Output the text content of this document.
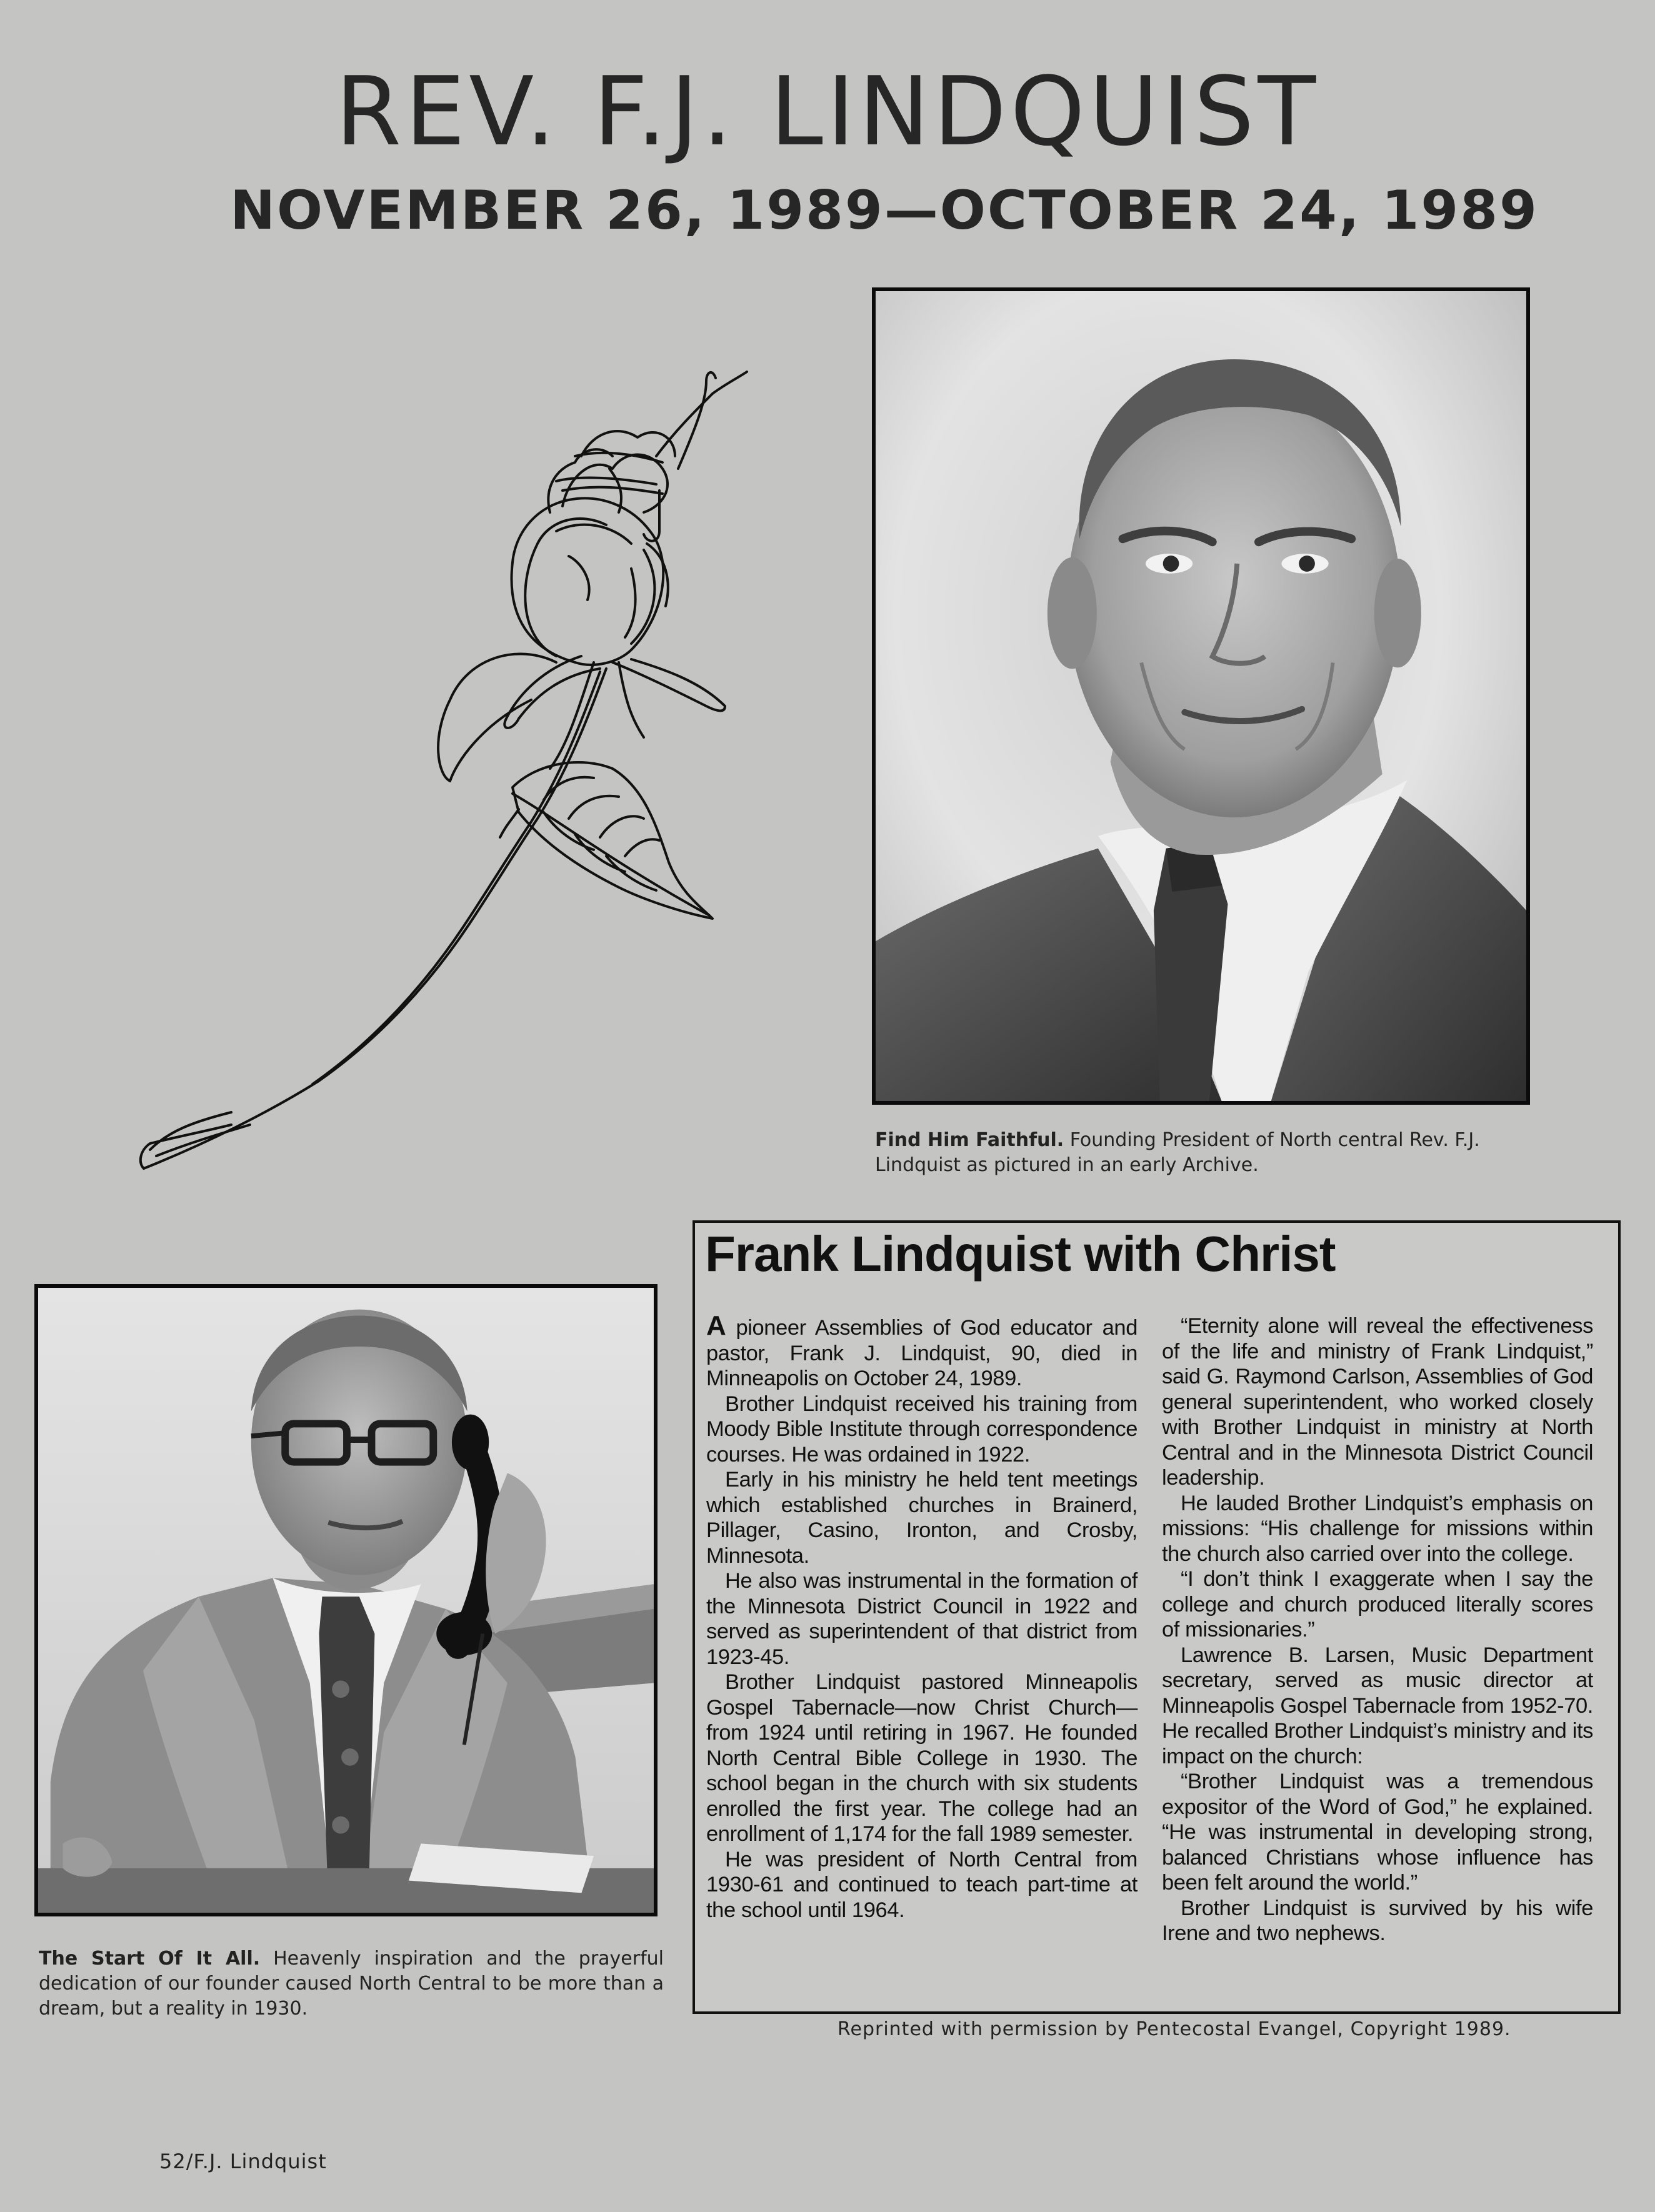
REV. F.J. LINDQUIST
NOVEMBER 26, 1989—OCTOBER 24, 1989
Find Him Faithful. Founding President of North central Rev. F.J. Lindquist as pictured in an early Archive.
The Start Of It All. Heavenly inspiration and the prayerful dedication of our founder caused North Central to be more than a dream, but a reality in 1930.
Frank Lindquist with Christ

A pioneer Assemblies of God educator and pastor, Frank J. Lindquist, 90, died in Minneapolis on October 24, 1989.

Brother Lindquist received his training from Moody Bible Institute through correspondence courses. He was ordained in 1922.

Early in his ministry he held tent meetings which established churches in Brainerd, Pillager, Casino, Ironton, and Crosby, Minnesota.

He also was instrumental in the formation of the Minnesota District Council in 1922 and served as superintendent of that district from 1923-45.

Brother Lindquist pastored Minneapolis Gospel Tabernacle—now Christ Church—from 1924 until retiring in 1967. He founded North Central Bible College in 1930. The school began in the church with six students enrolled the first year. The college had an enrollment of 1,174 for the fall 1989 semester.

He was president of North Central from 1930-61 and continued to teach part-time at the school until 1964.

“Eternity alone will reveal the effectiveness of the life and ministry of Frank Lindquist,” said G. Raymond Carlson, Assemblies of God general superintendent, who worked closely with Brother Lindquist in ministry at North Central and in the Minnesota District Council leadership.

He lauded Brother Lindquist’s emphasis on missions: “His challenge for missions within the church also carried over into the college.

“I don’t think I exaggerate when I say the college and church produced literally scores of missionaries.”

Lawrence B. Larsen, Music Department secretary, served as music director at Minneapolis Gospel Tabernacle from 1952-70. He recalled Brother Lindquist’s ministry and its impact on the church:

“Brother Lindquist was a tremendous expositor of the Word of God,” he explained. “He was instrumental in developing strong, balanced Christians whose influence has been felt around the world.”

Brother Lindquist is survived by his wife Irene and two nephews.

Reprinted with permission by Pentecostal Evangel, Copyright 1989.
52/F.J. Lindquist
